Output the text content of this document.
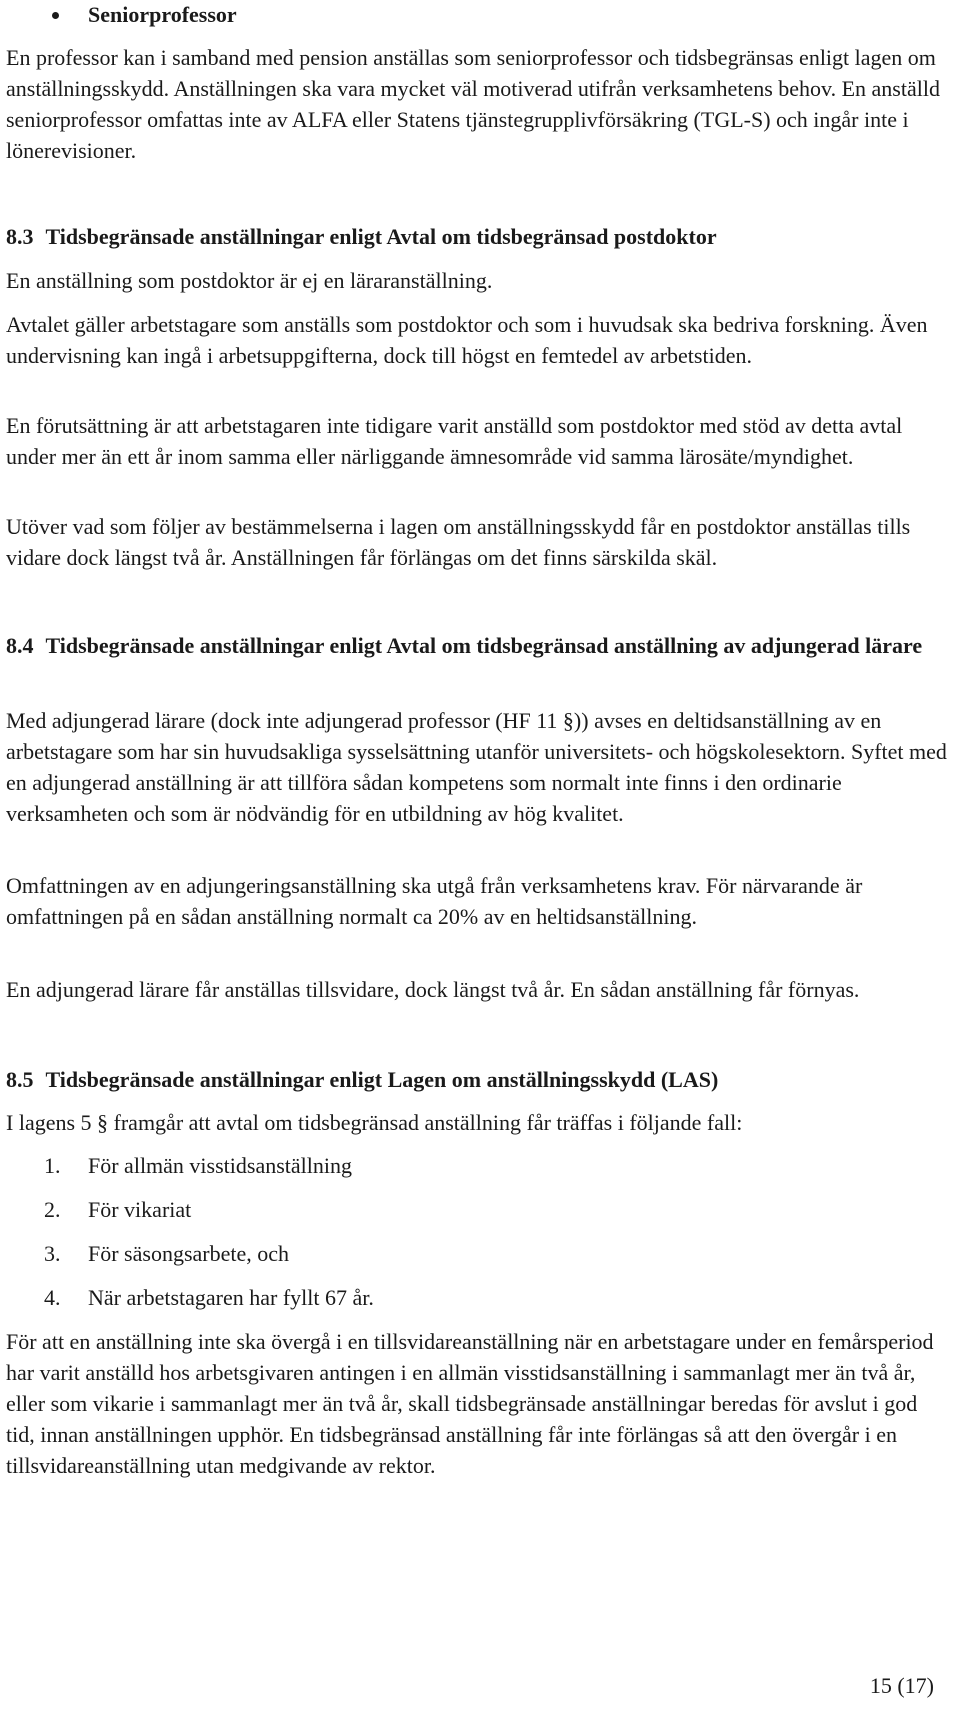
Seniorprofessor

En professor kan i samband med pension anställas som seniorprofessor och tidsbegränsas enligt lagen om anställningsskydd. Anställningen ska vara mycket väl motiverad utifrån verksamhetens behov. En anställd seniorprofessor omfattas inte av ALFA eller Statens tjänstegrupplivförsäkring (TGL-S) och ingår inte i lönerevisioner.

8.3 Tidsbegränsade anställningar enligt Avtal om tidsbegränsad postdoktor

En anställning som postdoktor är ej en läraranställning.

Avtalet gäller arbetstagare som anställs som postdoktor och som i huvudsak ska bedriva forskning. Även undervisning kan ingå i arbetsuppgifterna, dock till högst en femtedel av arbetstiden.

En förutsättning är att arbetstagaren inte tidigare varit anställd som postdoktor med stöd av detta avtal under mer än ett år inom samma eller närliggande ämnesområde vid samma lärosäte/myndighet.

Utöver vad som följer av bestämmelserna i lagen om anställningsskydd får en postdoktor anställas tills vidare dock längst två år. Anställningen får förlängas om det finns särskilda skäl.

8.4 Tidsbegränsade anställningar enligt Avtal om tidsbegränsad anställning av adjungerad lärare

Med adjungerad lärare (dock inte adjungerad professor (HF 11 §)) avses en deltidsanställning av en arbetstagare som har sin huvudsakliga sysselsättning utanför universitets- och högskolesektorn. Syftet med en adjungerad anställning är att tillföra sådan kompetens som normalt inte finns i den ordinarie verksamheten och som är nödvändig för en utbildning av hög kvalitet.

Omfattningen av en adjungeringsanställning ska utgå från verksamhetens krav. För närvarande är omfattningen på en sådan anställning normalt ca 20% av en heltidsanställning.

En adjungerad lärare får anställas tillsvidare, dock längst två år. En sådan anställning får förnyas.

8.5 Tidsbegränsade anställningar enligt Lagen om anställningsskydd (LAS)

I lagens 5 § framgår att avtal om tidsbegränsad anställning får träffas i följande fall:

1. För allmän visstidsanställning
2. För vikariat
3. För säsongsarbete, och
4. När arbetstagaren har fyllt 67 år.

För att en anställning inte ska övergå i en tillsvidareanställning när en arbetstagare under en femårsperiod har varit anställd hos arbetsgivaren antingen i en allmän visstidsanställning i sammanlagt mer än två år, eller som vikarie i sammanlagt mer än två år, skall tidsbegränsade anställningar beredas för avslut i god tid, innan anställningen upphör. En tidsbegränsad anställning får inte förlängas så att den övergår i en tillsvidareanställning utan medgivande av rektor.

15 (17)
